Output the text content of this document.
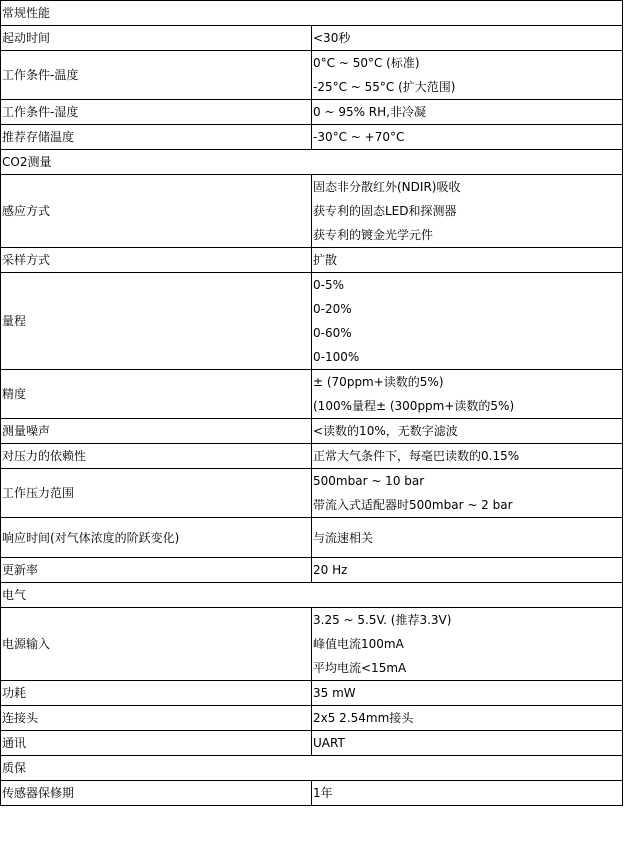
常规性能	
起动时间	<30秒

工作条件-温度	0°C ~ 50°C (标准)
-25°C ~ 55°C (扩大范围)

工作条件-湿度	0 ~ 95% RH,非冷凝

推荐存储温度	-30°C ~ +70°C

CO2测量	
感应方式	固态非分散红外(NDIR)吸收
获专利的固态LED和探测器
获专利的镀金光学元件

采样方式	扩散

量程	0-5%
0-20%
0-60%
0-100%

精度	± (70ppm+读数的5%)
(100%量程± (300ppm+读数的5%)

测量噪声	<读数的10%，无数字滤波

对压力的依赖性	正常大气条件下，每毫巴读数的0.15%

工作压力范围	500mbar ~ 10 bar
带流入式适配器时500mbar ~ 2 bar

响应时间(对气体浓度的阶跃变化)	与流速相关

更新率	20 Hz

电气	
电源输入	3.25 ~ 5.5V. (推荐3.3V)
峰值电流100mA
平均电流<15mA

功耗	35 mW

连接头	2x5 2.54mm接头

通讯	UART

质保	
传感器保修期	1年
